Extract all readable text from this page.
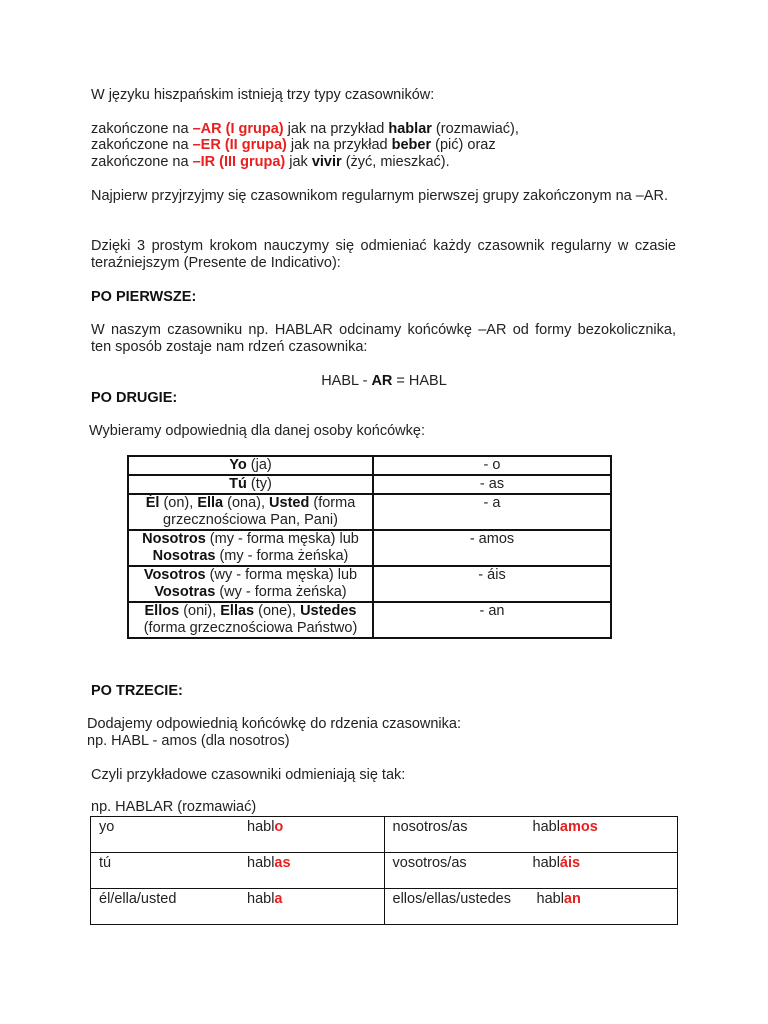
W języku hiszpańskim istnieją trzy typy czasowników:
zakończone na –AR (I grupa) jak na przykład hablar (rozmawiać),
zakończone na –ER (II grupa) jak na przykład beber (pić) oraz
zakończone na –IR (III grupa) jak vivir (żyć, mieszkać).
Najpierw przyjrzyjmy się czasownikom regularnym pierwszej grupy zakończonym na –AR.
Dzięki 3 prostym krokom nauczymy się odmieniać każdy czasownik regularny w czasie teraźniejszym (Presente de Indicativo):
PO PIERWSZE:
W naszym czasowniku np. HABLAR odcinamy końcówkę –AR od formy bezokolicznika, ten sposób zostaje nam rdzeń czasownika:
HABL - AR = HABL
PO DRUGIE:
Wybieramy odpowiednią dla danej osoby końcówkę:
Yo (ja)	- o
Tú (ty)	- as
Él (on), Ella (ona), Usted (forma grzecznościowa Pan, Pani)	- a
Nosotros (my - forma męska) lub Nosotras (my - forma żeńska)	- amos
Vosotros (wy - forma męska) lub Vosotras (wy - forma żeńska)	- áis
Ellos (oni), Ellas (one), Ustedes (forma grzecznościowa Państwo)	- an
PO TRZECIE:
Dodajemy odpowiednią końcówkę do rdzenia czasownika:
np. HABL - amos (dla nosotros)
Czyli przykładowe czasowniki odmieniają się tak:
np. HABLAR (rozmawiać)
yo hablo	nosotros/as hablamos
tú hablas	vosotros/as habláis
él/ella/usted habla	ellos/ellas/ustedes hablan
